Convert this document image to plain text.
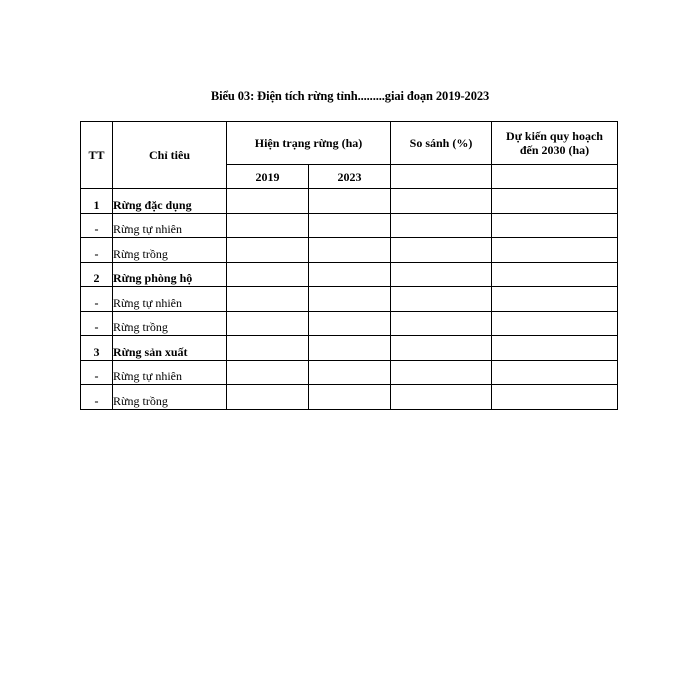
Biểu 03: Điện tích rừng tỉnh.........giai đoạn 2019-2023
TT	Chỉ tiêu	Hiện trạng rừng (ha)		So sánh (%)	Dự kiến quy hoạch
đến 2030 (ha)
		2019	2023		
1	Rừng đặc dụng				
-	Rừng tự nhiên				
-	Rừng trồng				
2	Rừng phòng hộ				
-	Rừng tự nhiên				
-	Rừng trồng				
3	Rừng sản xuất				
-	Rừng tự nhiên				
-	Rừng trồng				
